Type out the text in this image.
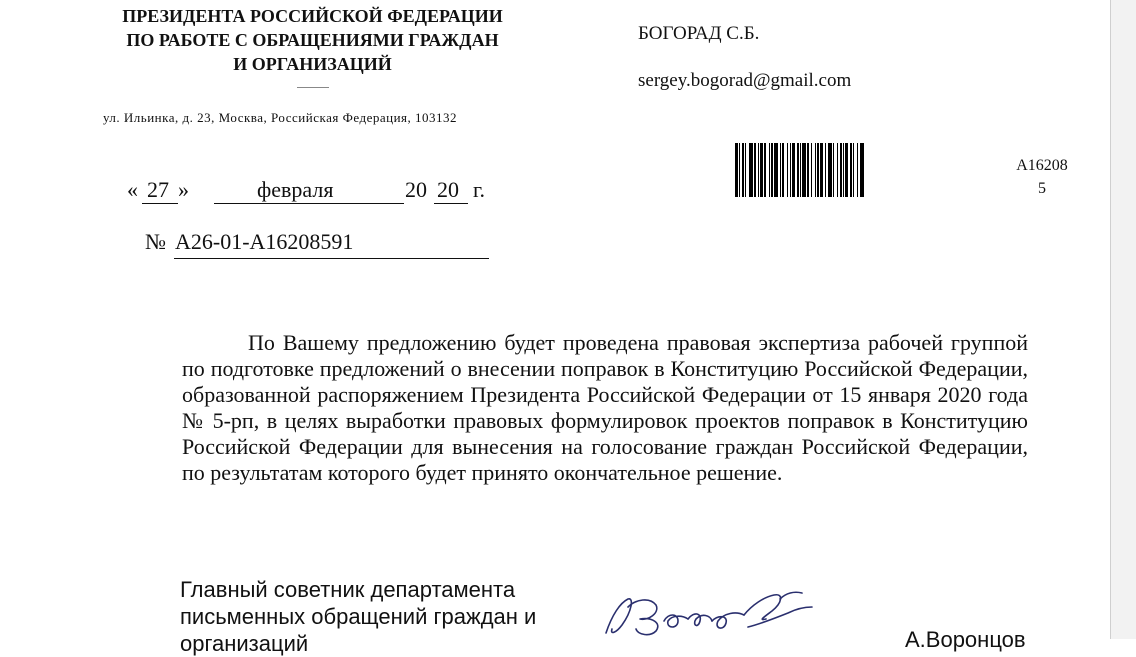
ПРЕЗИДЕНТА РОССИЙСКОЙ ФЕДЕРАЦИИ
ПО РАБОТЕ С ОБРАЩЕНИЯМИ ГРАЖДАН
И ОРГАНИЗАЦИЙ
ул. Ильинка, д. 23, Москва, Российская Федерация, 103132
БОГОРАД С.Б.
sergey.bogorad@gmail.com
А16208
5
« 27 »	февраля	20 20 г.
№ А26-01-А16208591
По Вашему предложению будет проведена правовая экспертиза рабочей группой по подготовке предложений о внесении поправок в Конституцию Российской Федерации, образованной распоряжением Президента Российской Федерации от 15 января 2020 года № 5-рп, в целях выработки правовых формулировок проектов поправок в Конституцию Российской Федерации для вынесения на голосование граждан Российской Федерации, по результатам которого будет принято окончательное решение.
Главный советник департамента
письменных обращений граждан и
организаций	А.Воронцов
